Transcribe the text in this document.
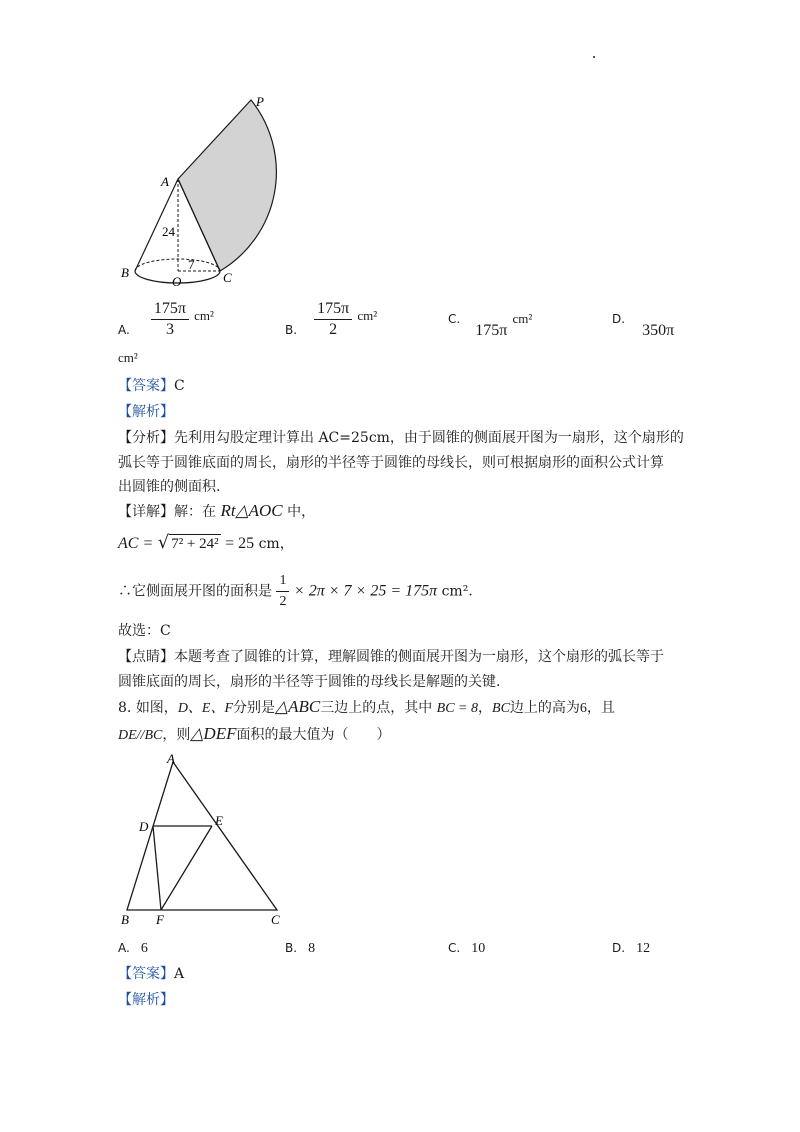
P
A
24
7
B
O	C
$_{A.} \frac{175\pi}{3} ^{cm^2}$
$_{B.} \frac{175\pi}{2} ^{cm^2}$	C. 175π cm²	D. 350π
cm²
【答案】C
【解析】
【分析】先利用勾股定理计算出 AC=25cm，由于圆锥的侧面展开图为一扇形，这个扇形的
弧长等于圆锥底面的周长，扇形的半径等于圆锥的母线长，则可根据扇形的面积公式计算
出圆锥的侧面积.
【详解】解：在 Rt△AOC 中，
AC = √ 7² + 24² = 25 cm，
∴它侧面展开图的面积是 $\frac{1}{2} \times 2\pi \times 7 \times 25 = 175\pi$ cm².
故选：C
【点睛】本题考查了圆锥的计算，理解圆锥的侧面展开图为一扇形，这个扇形的弧长等于
圆锥底面的周长，扇形的半径等于圆锥的母线长是解题的关键.
8. 如图，D、E、F分别是△ABC三边上的点，其中 BC = 8，BC边上的高为6，且
DE//BC，则△DEF面积的最大值为（　　）
A
D	E
B F	C
A. 6	B. 8	C. 10	D. 12
【答案】A
【解析】
